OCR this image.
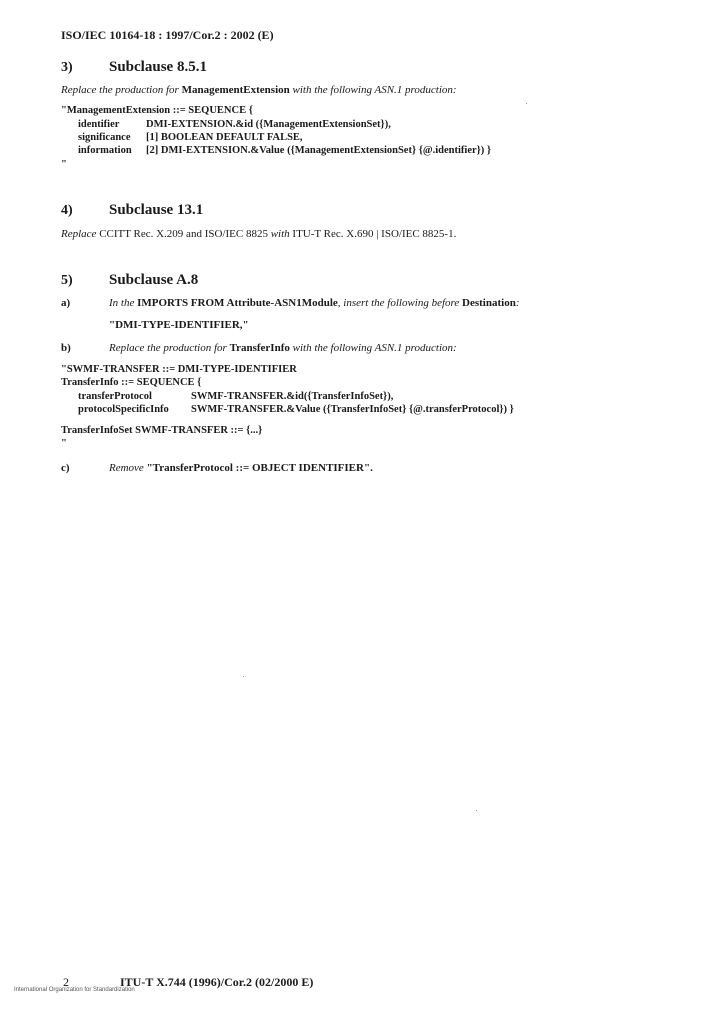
ISO/IEC 10164-18 : 1997/Cor.2 : 2002 (E)
3) Subclause 8.5.1
Replace the production for ManagementExtension with the following ASN.1 production:
"ManagementExtension ::= SEQUENCE {
identifier	DMI-EXTENSION.&id ({ManagementExtensionSet}),
significance [1] BOOLEAN DEFAULT FALSE,
information [2] DMI-EXTENSION.&Value ({ManagementExtensionSet} {@.identifier}) }
"
4) Subclause 13.1
Replace CCITT Rec. X.209 and ISO/IEC 8825 with ITU-T Rec. X.690 | ISO/IEC 8825-1.
5) Subclause A.8
a)	In the IMPORTS FROM Attribute-ASN1Module, insert the following before Destination:
"DMI-TYPE-IDENTIFIER,"
b)	Replace the production for TransferInfo with the following ASN.1 production:
"SWMF-TRANSFER ::= DMI-TYPE-IDENTIFIER
TransferInfo ::= SEQUENCE {
transferProtocol	SWMF-TRANSFER.&id({TransferInfoSet}),
protocolSpecificInfo SWMF-TRANSFER.&Value ({TransferInfoSet} {@.transferProtocol}) }
TransferInfoSet SWMF-TRANSFER ::= {...}
"
c)	Remove "TransferProtocol ::= OBJECT IDENTIFIER".
2	ITU-T X.744 (1996)/Cor.2 (02/2000 E)
International Organization for Standardization
